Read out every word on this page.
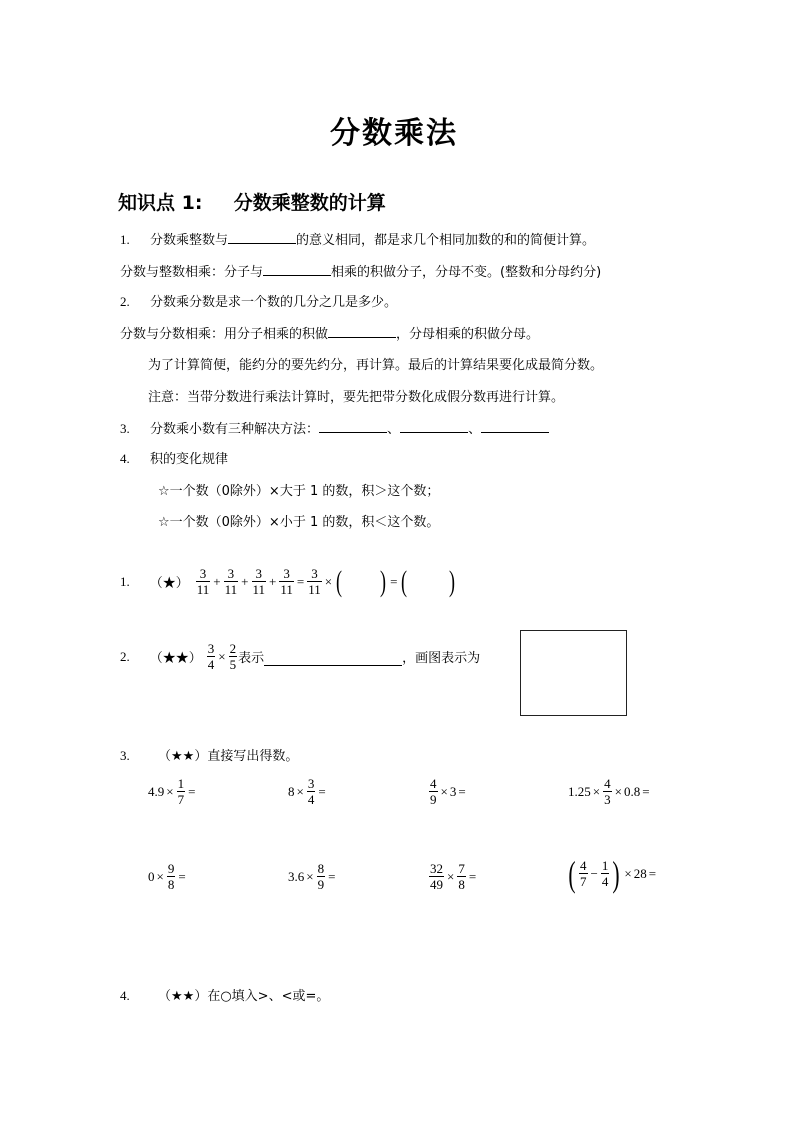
分数乘法
知识点 1: 分数乘整数的计算
1. 分数乘整数与	的意义相同，都是求几个相同加数的和的简便计算。
分数与整数相乘：分子与	相乘的积做分子，分母不变。(整数和分母约分)
2. 分数乘分数是求一个数的几分之几是多少。
分数与分数相乘：用分子相乘的积做	，分母相乘的积做分母。
为了计算简便，能约分的要先约分，再计算。最后的计算结果要化成最简分数。
注意：当带分数进行乘法计算时，要先把带分数化成假分数再进行计算。
3. 分数乘小数有三种解决方法：	、	、
4. 积的变化规律
☆一个数（0除外）×大于 1 的数，积＞这个数；
☆一个数（0除外）×小于 1 的数，积＜这个数。
1. （★） $\frac{3}{11} + \frac{3}{11} + \frac{3}{11} + \frac{3}{11} = \frac{3}{11}$ × ( ) = ( )
2. （★★） $\frac{3}{4} \times \frac{2}{5}$ 表示	，画图表示为
3. （★★）直接写出得数。
$4.9 \times \frac{1}{7}$ =	$8 \times \frac{3}{4}$ =	$\frac{4}{9} \times 3$ =	$1.25 \times \frac{4}{3} \times 0.8$ =
$0 \times \frac{9}{8}$ =	$3.6 \times \frac{8}{9}$ =	$\frac{32}{49} \times \frac{7}{8}$ =	( $\frac{4}{7} - \frac{1}{4}$ ) × 28 =
4. （★★）在○填入>、<或=。
